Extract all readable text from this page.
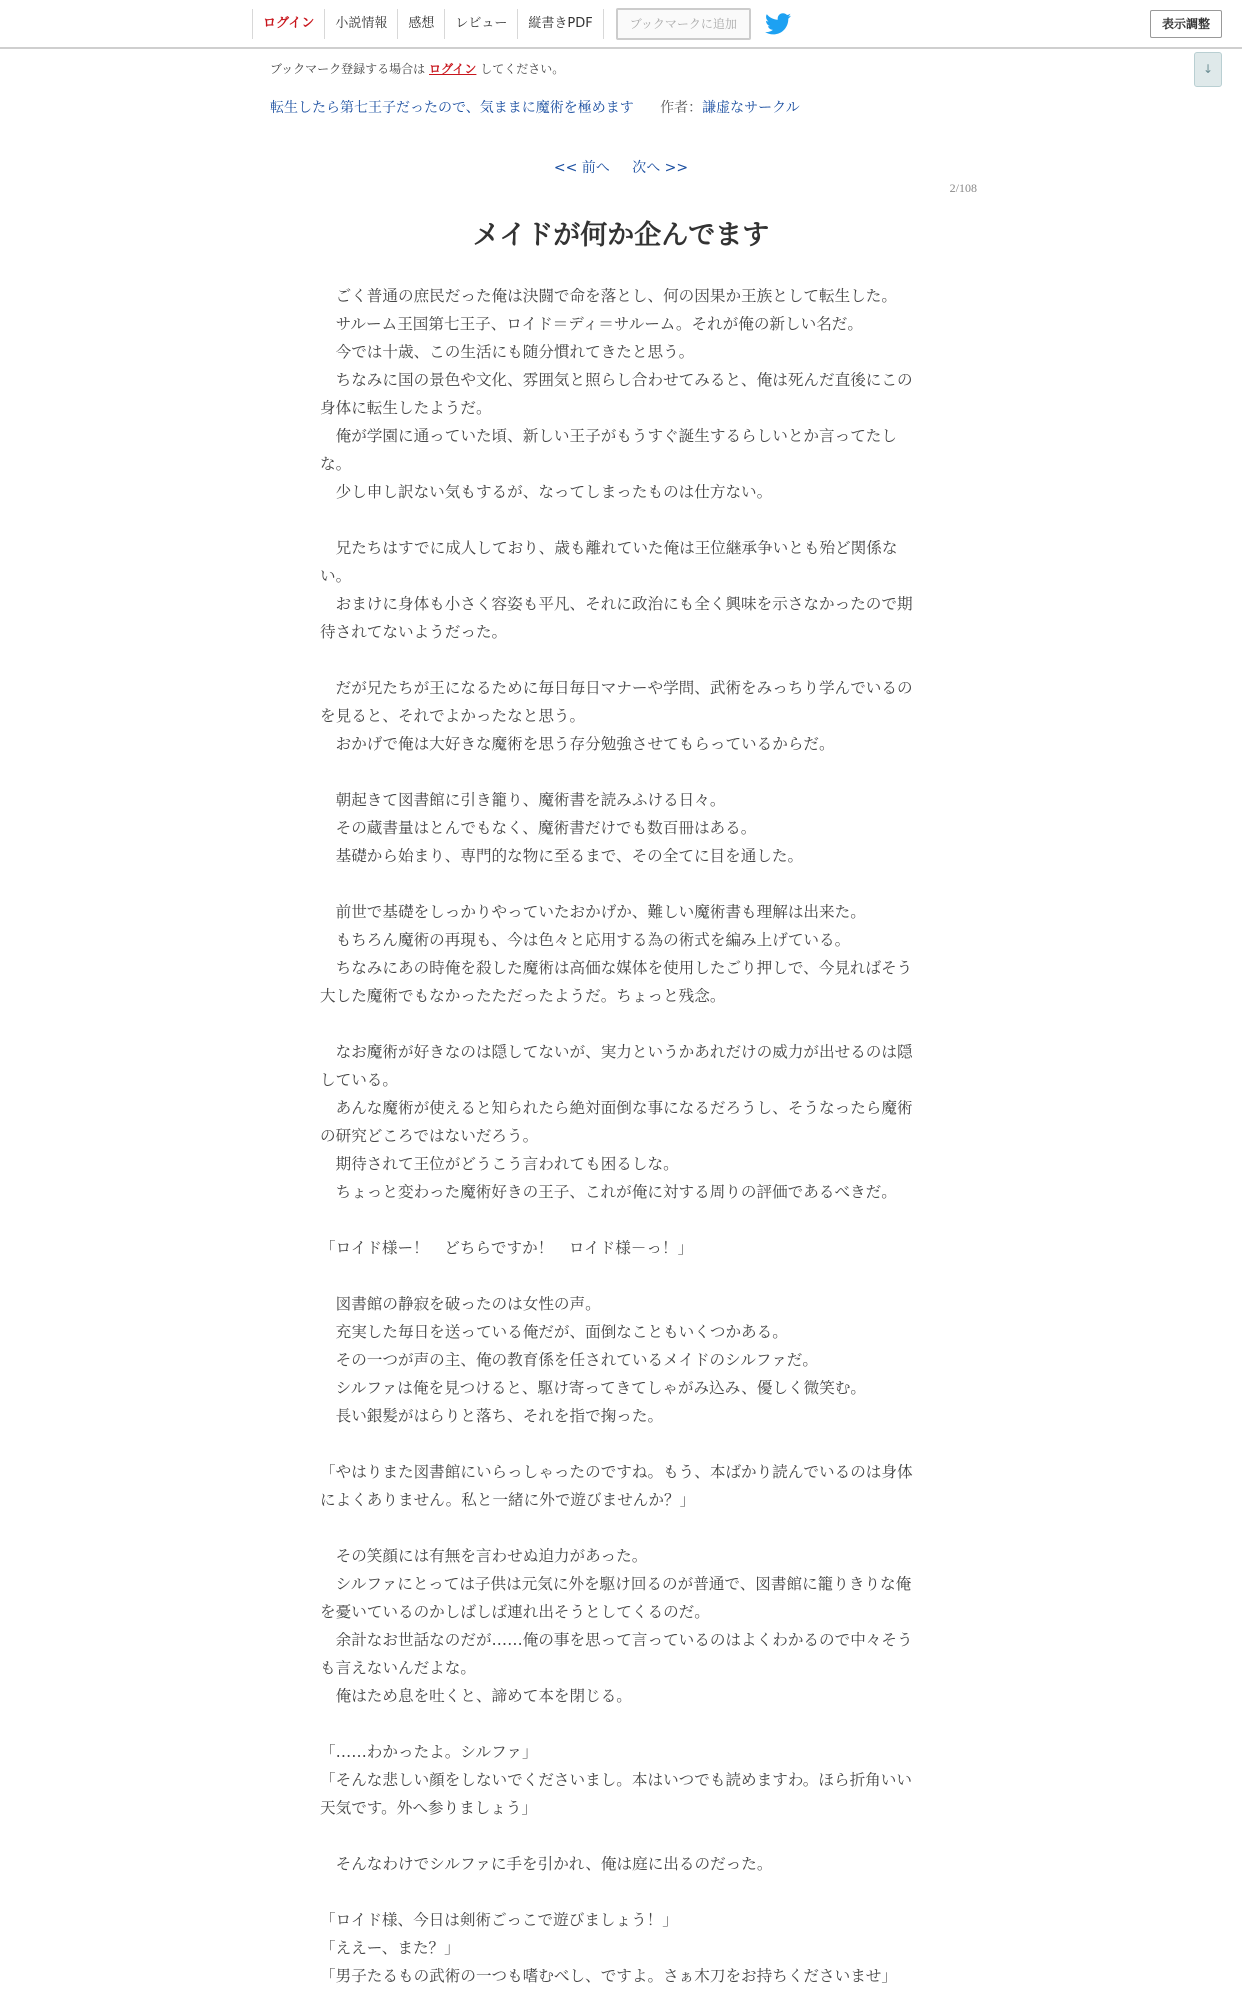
ログイン	小説情報	感想	レビュー	縦書きPDF	ブックマークに追加	表示調整
↓
ブックマーク登録する場合は ログイン してください。
転生したら第七王子だったので、気ままに魔術を極めます 作者：謙虚なサークル
<< 前へ 次へ >>
2/108
メイドが何か企んでます

　ごく普通の庶民だった俺は決闘で命を落とし、何の因果か王族として転生した。

　サルーム王国第七王子、ロイド＝ディ＝サルーム。それが俺の新しい名だ。

　今では十歳、この生活にも随分慣れてきたと思う。

　ちなみに国の景色や文化、雰囲気と照らし合わせてみると、俺は死んだ直後にこの身体に転生したようだ。

　俺が学園に通っていた頃、新しい王子がもうすぐ誕生するらしいとか言ってたしな。

　少し申し訳ない気もするが、なってしまったものは仕方ない。

　兄たちはすでに成人しており、歳も離れていた俺は王位継承争いとも殆ど関係ない。

　おまけに身体も小さく容姿も平凡、それに政治にも全く興味を示さなかったので期待されてないようだった。

　だが兄たちが王になるために毎日毎日マナーや学問、武術をみっちり学んでいるのを見ると、それでよかったなと思う。

　おかげで俺は大好きな魔術を思う存分勉強させてもらっているからだ。

　朝起きて図書館に引き籠り、魔術書を読みふける日々。

　その蔵書量はとんでもなく、魔術書だけでも数百冊はある。

　基礎から始まり、専門的な物に至るまで、その全てに目を通した。

　前世で基礎をしっかりやっていたおかげか、難しい魔術書も理解は出来た。

　もちろん魔術の再現も、今は色々と応用する為の術式を編み上げている。

　ちなみにあの時俺を殺した魔術は高価な媒体を使用したごり押しで、今見ればそう大した魔術でもなかったただったようだ。ちょっと残念。

　なお魔術が好きなのは隠してないが、実力というかあれだけの威力が出せるのは隠している。

　あんな魔術が使えると知られたら絶対面倒な事になるだろうし、そうなったら魔術の研究どころではないだろう。

　期待されて王位がどうこう言われても困るしな。

　ちょっと変わった魔術好きの王子、これが俺に対する周りの評価であるべきだ。

「ロイド様ー！　どちらですか！　ロイド様－っ！」

　図書館の静寂を破ったのは女性の声。

　充実した毎日を送っている俺だが、面倒なこともいくつかある。

　その一つが声の主、俺の教育係を任されているメイドのシルファだ。

　シルファは俺を見つけると、駆け寄ってきてしゃがみ込み、優しく微笑む。

　長い銀髪がはらりと落ち、それを指で掬った。

「やはりまた図書館にいらっしゃったのですね。もう、本ばかり読んでいるのは身体によくありません。私と一緒に外で遊びませんか？」

　その笑顔には有無を言わせぬ迫力があった。

　シルファにとっては子供は元気に外を駆け回るのが普通で、図書館に籠りきりな俺を憂いているのかしばしば連れ出そうとしてくるのだ。

　余計なお世話なのだが……俺の事を思って言っているのはよくわかるので中々そうも言えないんだよな。

　俺はため息を吐くと、諦めて本を閉じる。

「……わかったよ。シルファ」

「そんな悲しい顔をしないでくださいまし。本はいつでも読めますわ。ほら折角いい天気です。外へ参りましょう」

　そんなわけでシルファに手を引かれ、俺は庭に出るのだった。

「ロイド様、今日は剣術ごっこで遊びましょう！」

「ええー、また？」

「男子たるもの武術の一つも嗜むべし、ですよ。さぁ木刀をお持ちくださいませ」
